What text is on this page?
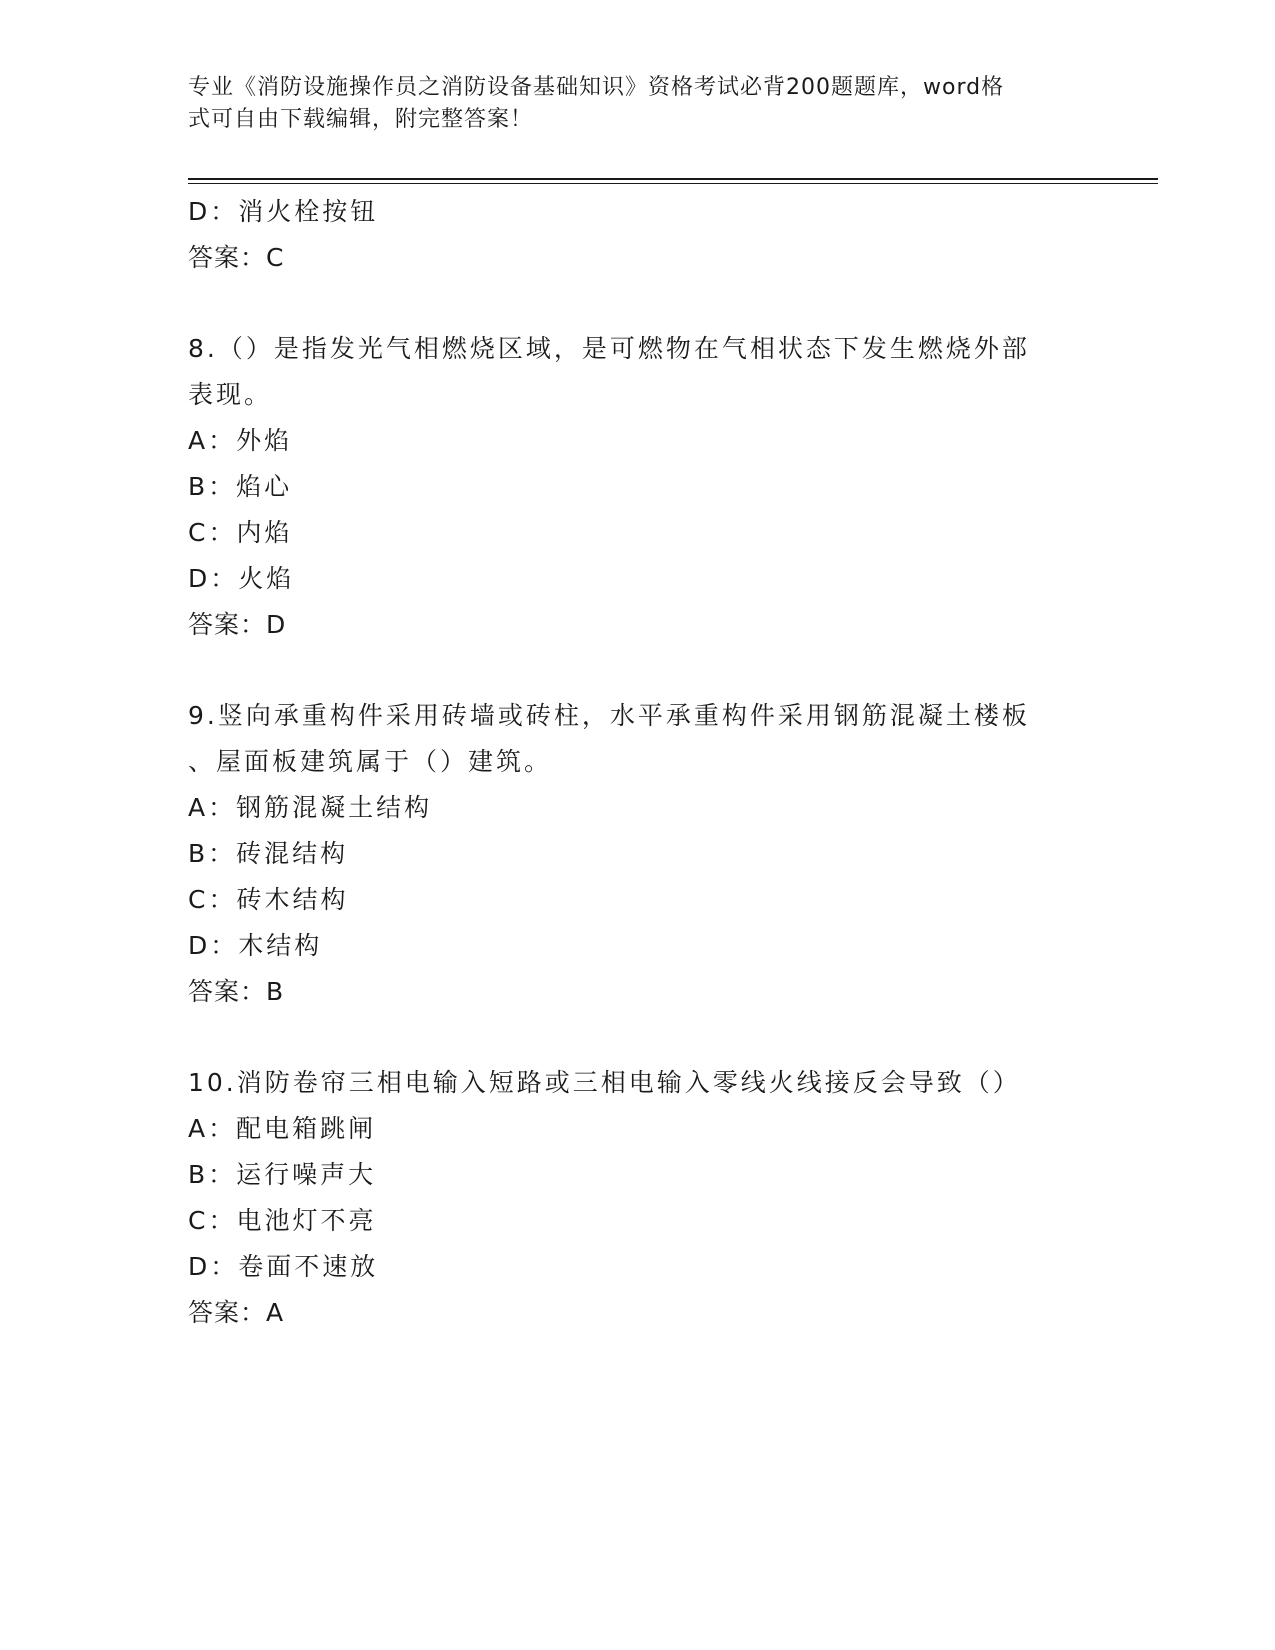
专业《消防设施操作员之消防设备基础知识》资格考试必背200题题库，word格
式可自由下载编辑，附完整答案！
D：消火栓按钮
答案：C
8.（）是指发光气相燃烧区域，是可燃物在气相状态下发生燃烧外部
表现。
A：外焰
B：焰心
C：内焰
D：火焰
答案：D
9.竖向承重构件采用砖墙或砖柱，水平承重构件采用钢筋混凝土楼板
、屋面板建筑属于（）建筑。
A：钢筋混凝土结构
B：砖混结构
C：砖木结构
D：木结构
答案：B
10.消防卷帘三相电输入短路或三相电输入零线火线接反会导致（）
A：配电箱跳闸
B：运行噪声大
C：电池灯不亮
D：卷面不速放
答案：A
